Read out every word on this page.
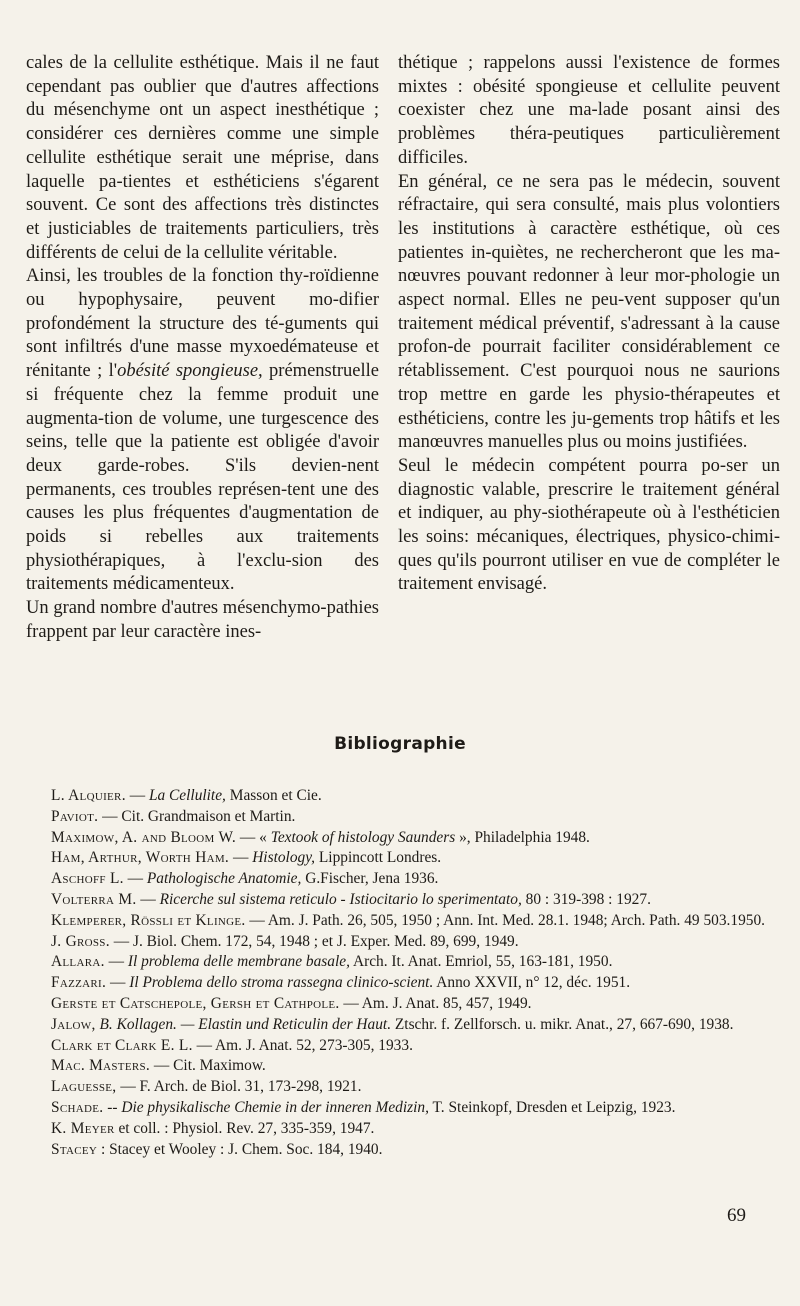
cales de la cellulite esthétique. Mais il ne faut cependant pas oublier que d'autres affections du mésenchyme ont un aspect inesthétique ; considérer ces dernières comme une simple cellulite esthétique serait une méprise, dans laquelle pa-tientes et esthéticiens s'égarent souvent. Ce sont des affections très distinctes et justiciables de traitements particuliers, très différents de celui de la cellulite véritable.

Ainsi, les troubles de la fonction thy-roïdienne ou hypophysaire, peuvent mo-difier profondément la structure des té-guments qui sont infiltrés d'une masse myxoedémateuse et rénitante ; l'obésité spongieuse, prémenstruelle si fréquente chez la femme produit une augmenta-tion de volume, une turgescence des seins, telle que la patiente est obligée d'avoir deux garde-robes. S'ils devien-nent permanents, ces troubles représen-tent une des causes les plus fréquentes d'augmentation de poids si rebelles aux traitements physiothérapiques, à l'exclu-sion des traitements médicamenteux.

Un grand nombre d'autres mésenchymo-pathies frappent par leur caractère ines-

thétique ; rappelons aussi l'existence de formes mixtes : obésité spongieuse et cellulite peuvent coexister chez une ma-lade posant ainsi des problèmes théra-peutiques particulièrement difficiles.

En général, ce ne sera pas le médecin, souvent réfractaire, qui sera consulté, mais plus volontiers les institutions à caractère esthétique, où ces patientes in-quiètes, ne rechercheront que les ma-nœuvres pouvant redonner à leur mor-phologie un aspect normal. Elles ne peu-vent supposer qu'un traitement médical préventif, s'adressant à la cause profon-de pourrait faciliter considérablement ce rétablissement. C'est pourquoi nous ne saurions trop mettre en garde les physio-thérapeutes et esthéticiens, contre les ju-gements trop hâtifs et les manœuvres manuelles plus ou moins justifiées.

Seul le médecin compétent pourra po-ser un diagnostic valable, prescrire le traitement général et indiquer, au phy-siothérapeute où à l'esthéticien les soins: mécaniques, électriques, physico-chimi-ques qu'ils pourront utiliser en vue de compléter le traitement envisagé.

Bibliographie

L. Alquier. — La Cellulite, Masson et Cie.

Paviot. — Cit. Grandmaison et Martin.

Maximow, A. and Bloom W. — « Textook of histology Saunders », Philadelphia 1948.

Ham, Arthur, Worth Ham. — Histology, Lippincott Londres.

Aschoff L. — Pathologische Anatomie, G.Fischer, Jena 1936.

Volterra M. — Ricerche sul sistema reticulo - Istiocitario lo sperimentato, 80 : 319-398 : 1927.

Klemperer, Rössli et Klinge. — Am. J. Path. 26, 505, 1950 ; Ann. Int. Med. 28.1. 1948; Arch. Path. 49 503.1950.

J. Gross. — J. Biol. Chem. 172, 54, 1948 ; et J. Exper. Med. 89, 699, 1949.

Allara. — Il problema delle membrane basale, Arch. It. Anat. Emriol, 55, 163-181, 1950.

Fazzari. — Il Problema dello stroma rassegna clinico-scient. Anno XXVII, n° 12, déc. 1951.

Gerste et Catschepole, Gersh et Cathpole. — Am. J. Anat. 85, 457, 1949.

Jalow, B. Kollagen. — Elastin und Reticulin der Haut. Ztschr. f. Zellforsch. u. mikr. Anat., 27, 667-690, 1938.

Clark et Clark E. L. — Am. J. Anat. 52, 273-305, 1933.

Mac. Masters. — Cit. Maximow.

Laguesse, — F. Arch. de Biol. 31, 173-298, 1921.

Schade. -- Die physikalische Chemie in der inneren Medizin, T. Steinkopf, Dresden et Leipzig, 1923.

K. Meyer et coll. : Physiol. Rev. 27, 335-359, 1947.

Stacey : Stacey et Wooley : J. Chem. Soc. 184, 1940.

69
